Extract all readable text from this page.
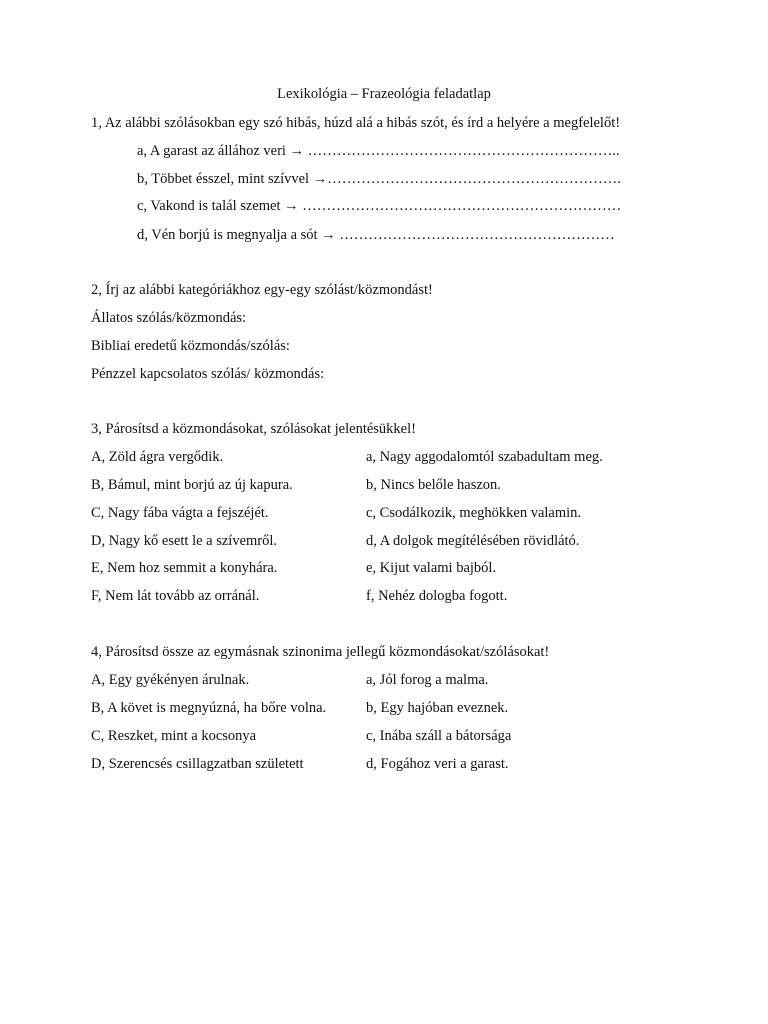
Lexikológia – Frazeológia feladatlap
1, Az alábbi szólásokban egy szó hibás, húzd alá a hibás szót, és írd a helyére a megfelelőt!
a, A garast az állához veri → ………………………………………………………..
b, Többet ésszel, mint szívvel →…………………………………………………….
c, Vakond is talál szemet → …………………………………………………………
d, Vén borjú is megnyalja a sót → …………………………………………………
2, Írj az alábbi kategóriákhoz egy-egy szólást/közmondást!
Állatos szólás/közmondás:
Bibliai eredetű közmondás/szólás:
Pénzzel kapcsolatos szólás/ közmondás:
3, Párosítsd a közmondásokat, szólásokat jelentésükkel!
A, Zöld ágra vergődik.	a, Nagy aggodalomtól szabadultam meg.
B, Bámul, mint borjú az új kapura.	b, Nincs belőle haszon.
C, Nagy fába vágta a fejszéjét.	c, Csodálkozik, meghökken valamin.
D, Nagy kő esett le a szívemről.	d, A dolgok megítélésében rövidlátó.
E, Nem hoz semmit a konyhára.	e, Kijut valami bajból.
F, Nem lát tovább az orránál.	f, Nehéz dologba fogott.
4, Párosítsd össze az egymásnak szinonima jellegű közmondásokat/szólásokat!
A, Egy gyékényen árulnak.	a, Jól forog a malma.
B, A követ is megnyúzná, ha bőre volna.	b, Egy hajóban eveznek.
C, Reszket, mint a kocsonya	c, Inába száll a bátorsága
D, Szerencsés csillagzatban született	d, Fogához veri a garast.
